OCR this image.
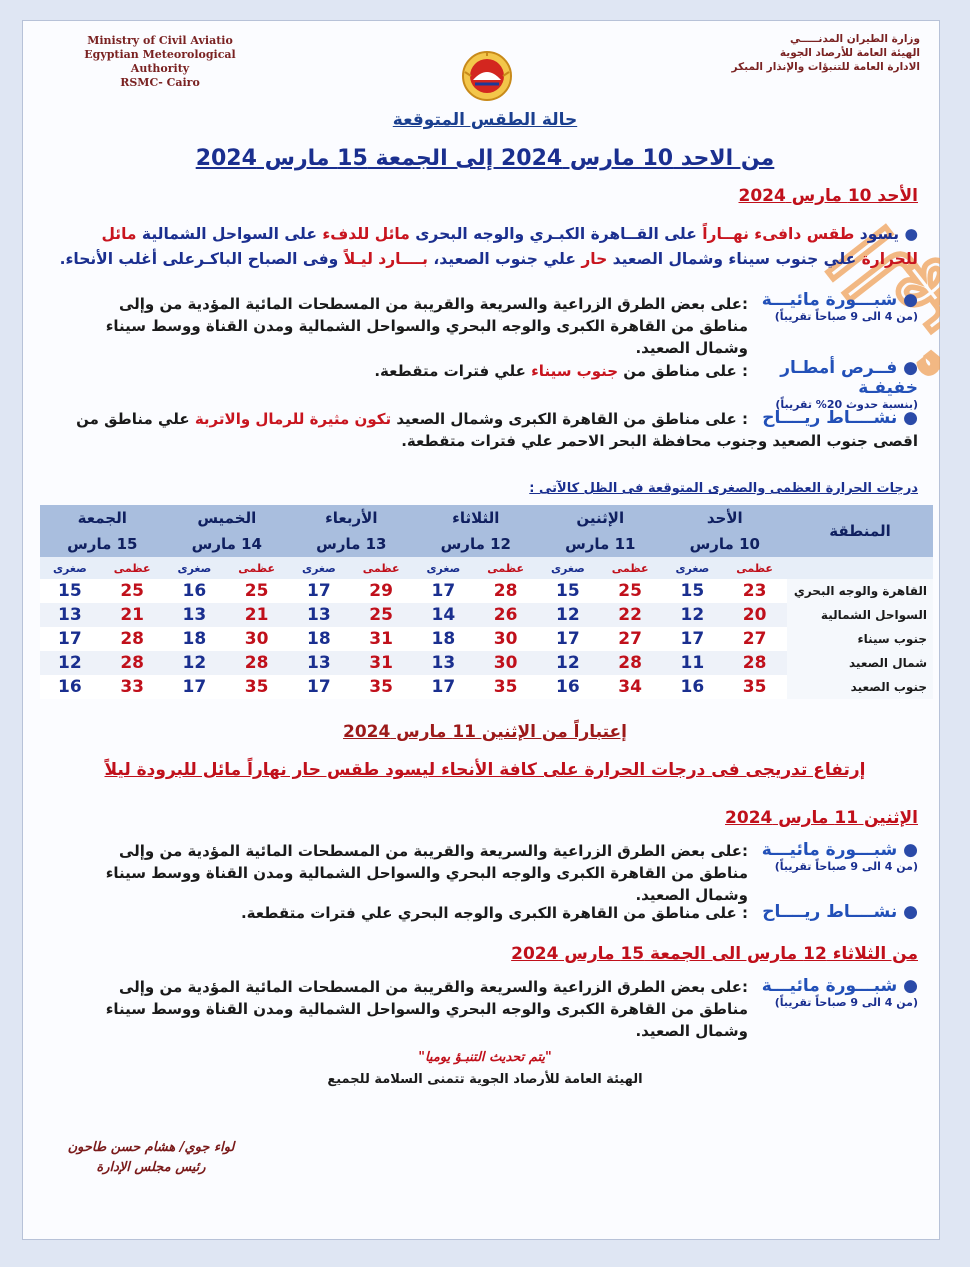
الهيئة
Ministry of Civil Aviatio
Egyptian Meteorological Authority
RSMC- Cairo
وزارة الطيران المدنـــــي
الهيئة العامة للأرصاد الجوية
الادارة العامة للتنبؤات والإنذار المبكر
حالة الطقس المتوقعة
من الاحد 10 مارس 2024 إلى الجمعة 15 مارس 2024
الأحد 10 مارس 2024
● يسود طقس دافىء نهــاراً على القــاهرة الكبـري والوجه البحرى مائل للدفء على السواحل الشمالية مائل للحرارة علي جنوب سيناء وشمال الصعيد حار علي جنوب الصعيد، بــــارد ليـلاً وفى الصباح الباكـرعلى أغلب الأنحاء.
● شبـــورة مائيـــة
(من 4 الى 9 صباحاً تقريباً)
:على بعض الطرق الزراعية والسريعة والقريبة من المسطحات المائية المؤدية من وإلى مناطق من القاهرة الكبرى والوجه البحري والسواحل الشمالية ومدن القناة ووسط سيناء وشمال الصعيد.
● فــرص أمطـار خفيفـة
(بنسبة حدوث 20% تقريباً)
: على مناطق من جنوب سيناء علي فترات متقطعة.
● نشــــاط ريــــاح
: على مناطق من القاهرة الكبرى وشمال الصعيد تكون مثيرة للرمال والاتربة علي مناطق من اقصى جنوب الصعيد وجنوب محافظة البحر الاحمر علي فترات متقطعة.
درجات الحرارة العظمى والصغرى المتوقعة فى الظل كالآتى :
المنطقة	الأحد		الإثنين		الثلاثاء		الأربعاء		الخميس		الجمعة	
	10 مارس		11 مارس		12 مارس		13 مارس		14 مارس		15 مارس	
	عظمى	صغرى	عظمى	صغرى	عظمى	صغرى	عظمى	صغرى	عظمى	صغرى	عظمى	صغرى
القاهرة والوجه البحري	23	15	25	15	28	17	29	17	25	16	25	15
السواحل الشمالية	20	12	22	12	26	14	25	13	21	13	21	13
جنوب سيناء	27	17	27	17	30	18	31	18	30	18	28	17
شمال الصعيد	28	11	28	12	30	13	31	13	28	12	28	12
جنوب الصعيد	35	16	34	16	35	17	35	17	35	17	33	16
إعتباراً من الإثنين 11 مارس 2024
إرتفاع تدريجى فى درجات الحرارة على كافة الأنحاء ليسود طقس حار نهاراً مائل للبرودة ليلاً
الإثنين 11 مارس 2024
● شبـــورة مائيـــة
(من 4 الى 9 صباحاً تقريباً)
:على بعض الطرق الزراعية والسريعة والقريبة من المسطحات المائية المؤدية من وإلى مناطق من القاهرة الكبرى والوجه البحري والسواحل الشمالية ومدن القناة ووسط سيناء وشمال الصعيد.
● نشــــاط ريــــاح
: على مناطق من القاهرة الكبرى والوجه البحري علي فترات متقطعة.
من الثلاثاء 12 مارس الى الجمعة 15 مارس 2024
● شبـــورة مائيـــة
(من 4 الى 9 صباحاً تقريباً)
:على بعض الطرق الزراعية والسريعة والقريبة من المسطحات المائية المؤدية من وإلى مناطق من القاهرة الكبرى والوجه البحري والسواحل الشمالية ومدن القناة ووسط سيناء وشمال الصعيد.
"يتم تحديث التنبـؤ يوميا"
الهيئة العامة للأرصاد الجوية تتمنى السلامة للجميع
لواء جوي/ هشام حسن طاحون
رئيس مجلس الإدارة
